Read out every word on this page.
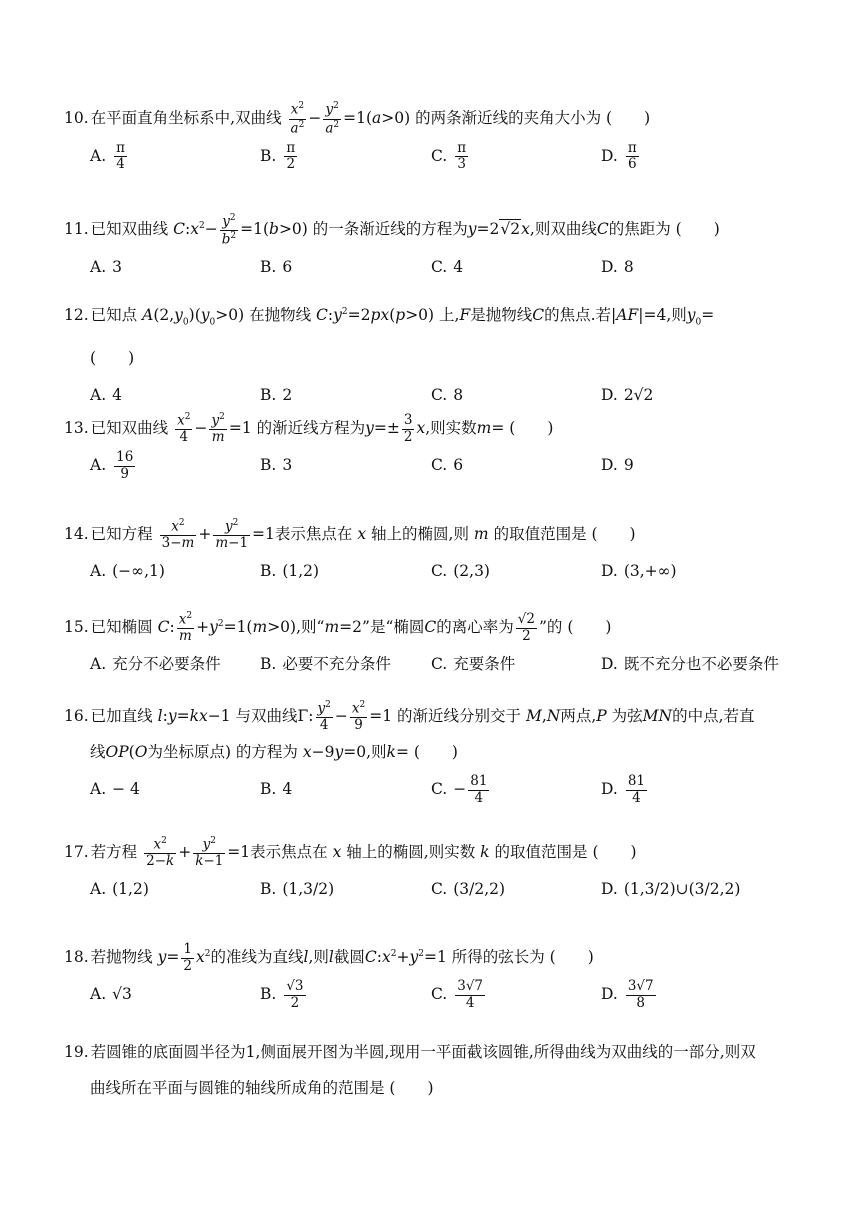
10. 在平面直角坐标系中,双曲线 $\frac{x^2}{a^2} - \frac{y^2}{a^2} =1(a>0)$ 的两条渐近线的夹角大小为 ( )
A. $\frac{\pi}{4}$	B. $\frac{\pi}{2}$	C. $\frac{\pi}{3}$	D. $\frac{\pi}{6}$
11. 已知双曲线 $C:x^2- \frac{y^2}{b^2} =1(b>0)$ 的一条渐近线的方程为y=2√2x,则双曲线C的焦距为 ( )
A. 3	B. 6	C. 4	D. 8
12. 已知点 $A(2,y_0)(y_0>0)$ 在抛物线 $C:y^2=2px(p>0)$ 上,F是抛物线C的焦点.若|AF|=4,则$y_0=$
( )
A. 4	B. 2	C. 8	D. 2√2
13. 已知双曲线 $\frac{x^2}{4} - \frac{y^2}{m} =1$ 的渐近线方程为$y=\pm \frac{3}{2} x$,则实数m= ( )
A. $\frac{16}{9}$	B. 3	C. 6	D. 9
14. 已知方程 $\frac{x^2}{3-m} + \frac{y^2}{m-1} =1$表示焦点在 x 轴上的椭圆,则 m 的取值范围是 ( )
A. (−∞,1)	B. (1,2)	C. (2,3)	D. (3,+∞)
15. 已知椭圆 C: $\frac{x^2}{m} +y^2=1(m>0)$,则“m=2”是“椭圆C的离心率为 $\frac{√2}{2}$ ”的 ( )
A. 充分不必要条件	B. 必要不充分条件	C. 充要条件	D. 既不充分也不必要条件
16. 已加直线 l:y=kx−1 与双曲线Γ: $\frac{y^2}{4} - \frac{x^2}{9} =1$ 的渐近线分别交于 M,N两点,P 为弦MN的中点,若直
线OP(O为坐标原点) 的方程为 x−9y=0,则k= ( )
A. − 4	B. 4	C. − $\frac{81}{4}$	D. $\frac{81}{4}$
17. 若方程 $\frac{x^2}{2-k} + \frac{y^2}{k-1} =1$表示焦点在 x 轴上的椭圆,则实数 k 的取值范围是 ( )
A. (1,2)	B. (1,3/2)	C. (3/2,2)	D. (1,3/2)∪(3/2,2)
18. 若抛物线 $y= \frac{1}{2} x^2$的准线为直线l,则l截圆$C:x^2+y^2=1$ 所得的弦长为 ( )
A. √3	B. $\frac{√3}{2}$	C. $\frac{3√7}{4}$	D. $\frac{3√7}{8}$
19. 若圆锥的底面圆半径为1,侧面展开图为半圆,现用一平面截该圆锥,所得曲线为双曲线的一部分,则双
曲线所在平面与圆锥的轴线所成角的范围是 ( )
